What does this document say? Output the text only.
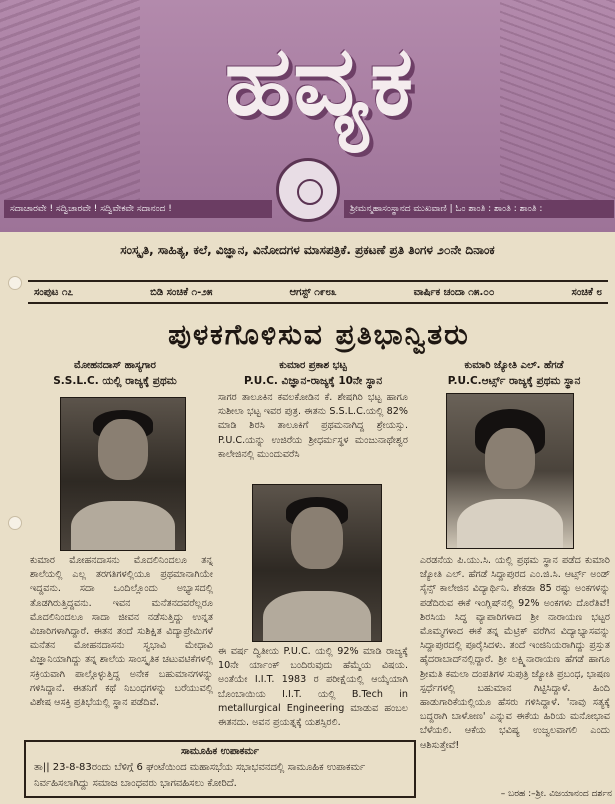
ಹವ್ಯಕ
ಸದಾಚಾರವೇ ! ಸದ್ವಿಚಾರವೇ ! ಸದ್ವಿವೇಕವೇ ಸದಾನಂದ !	ಶ್ರೀಮನ್ಮಹಾಸಂಸ್ಥಾನದ ಮುಖವಾಣಿ | ಓಂ ಶಾಂತಿ : ಶಾಂತಿ : ಶಾಂತಿ :
ಸಂಸ್ಕೃತಿ, ಸಾಹಿತ್ಯ, ಕಲೆ, ವಿಜ್ಞಾನ, ವಿನೋದಗಳ ಮಾಸಪತ್ರಿಕೆ. ಪ್ರಕಟಣೆ ಪ್ರತಿ ತಿಂಗಳ ೨೦ನೇ ದಿನಾಂಕ
ಸಂಪುಟ ೧೭	ಬಿಡಿ ಸಂಚಿಕೆ ೧-೨೫	ಆಗಸ್ಟ್ ೧೯೮೩	ವಾರ್ಷಿಕ ಚಂದಾ ೧೫.೦೦	ಸಂಚಿಕೆ ೮
ಪುಳಕಗೊಳಿಸುವ ಪ್ರತಿಭಾನ್ವಿತರು
ಮೋಹನದಾಸ್ ಹಾಸ್ಯಗಾರ
S.S.L.C. ಯಲ್ಲಿ ರಾಜ್ಯಕ್ಕೆ ಪ್ರಥಮ
ಕುಮಾರ ಮೋಹನದಾಸನು ಮೊದಲಿನಿಂದಲೂ ತನ್ನ ಶಾಲೆಯಲ್ಲಿ ಎಲ್ಲ ತರಗತಿಗಳಲ್ಲಿಯೂ ಪ್ರಥಮಾನಾಗಿಯೇ ಇದ್ದವನು. ಸದಾ ಒಂದಿಲ್ಲೊಂದು ಅಭ್ಯಾಸದಲ್ಲಿ ತೊಡಗಿರುತ್ತಿದ್ದವನು. ಇವನ ಮನೆತನದವರೆಲ್ಲರೂ ಮೊದಲಿನಿಂದಲೂ ಸಾದಾ ಜೀವನ ನಡೆಸುತ್ತಿದ್ದು ಉನ್ನತ ವಿಚಾರಿಗಳಾಗಿದ್ದಾರೆ. ಈತನ ತಂದೆ ಸುಶಿಕ್ಷಿತ ವಿದ್ಯಾಪ್ರೇಮಿಗಳೆ ಮನೆತನ ಮೋಹನದಾಸನು ಸ್ವಭಾವಿ ಮೇಧಾವಿ ವಿಜ್ಞಾನಿಯಾಗಿದ್ದು ತನ್ನ ಶಾಲೆಯ ಸಾಂಸ್ಕೃತಿಕ ಚಟುವಟಿಕೆಗಳಲ್ಲಿ ಸಕ್ರಿಯವಾಗಿ ಪಾಲ್ಗೊಳ್ಳುತ್ತಿದ್ದ ಅನೇಕ ಬಹುಮಾನಗಳನ್ನು ಗಳಿಸಿದ್ದಾನೆ. ಈತನಿಗೆ ಕಥೆ ನಿಬಂಧಗಳನ್ನು ಬರೆಯುವಲ್ಲಿ ವಿಶೇಷ ಆಸಕ್ತಿ ಪ್ರತಿಭೆಯಲ್ಲಿ ಸ್ಥಾನ ಪಡೆದಿವೆ.
ಕುಮಾರ ಪ್ರಕಾಶ ಭಟ್ಟ
P.U.C. ವಿಜ್ಞಾನ-ರಾಜ್ಯಕ್ಕೆ 10ನೇ ಸ್ಥಾನ
ಸಾಗರ ತಾಲೂಕಿನ ಕವಲಕೋಡಿನ ಕೆ. ಶೇಷಗಿರಿ ಭಟ್ಟ ಹಾಗೂ ಸುಶೀಲಾ ಭಟ್ಟ ಇವರ ಪುತ್ರ. ಈತನು S.S.L.C.ಯಲ್ಲಿ 82% ಮಾಡಿ ಶಿರಸಿ ತಾಲೂಕಿಗೆ ಪ್ರಥಮನಾಗಿದ್ದ ಶ್ರೇಯಸ್ಸು. P.U.C.ಯನ್ನು ಉಜಿರೆಯ ಶ್ರೀಧರ್ಮಸ್ಥಳ ಮಂಜುನಾಥೇಶ್ವರ ಕಾಲೇಜಿನಲ್ಲಿ ಮುಂದುವರೆಸಿ
ಈ ವರ್ಷ ದ್ವಿತೀಯ P.U.C. ಯಲ್ಲಿ 92% ಮಾಡಿ ರಾಜ್ಯಕ್ಕೆ 10ನೇ ರ್ಯಾಂಕ್ ಬಂದಿರುವುದು ಹೆಮ್ಮೆಯ ವಿಷಯ. ಅಂತೆಯೇ I.I.T. 1983 ರ ಪರೀಕ್ಷೆಯಲ್ಲಿ ಆಯ್ಕೆಯಾಗಿ ಬೊಂಬಾಯಿಯ I.I.T. ಯಲ್ಲಿ B.Tech in metallurgical Engineering ಮಾಡುವ ಹಂಬಲ ಈತನದು. ಅವನ ಪ್ರಯತ್ನಕ್ಕೆ ಯಶಸ್ಸಿರಲಿ.
ಕುಮಾರಿ ಜ್ಯೋತಿ ಎಲ್. ಹೆಗಡೆ
P.U.C.ಆರ್ಟ್ಸ್ ರಾಜ್ಯಕ್ಕೆ ಪ್ರಥಮ ಸ್ಥಾನ
ಎರಡನೆಯ ಪಿ.ಯು.ಸಿ. ಯಲ್ಲಿ ಪ್ರಥಮ ಸ್ಥಾನ ಪಡೆದ ಕುಮಾರಿ ಜ್ಯೋತಿ ಎಲ್. ಹೆಗಡೆ ಸಿದ್ದಾಪುರದ ಎಂ.ಜಿ.ಸಿ. ಆರ್ಟ್ಸ್ ಅಂಡ್ ಸೈನ್ಸ್ ಕಾಲೇಜಿನ ವಿದ್ಯಾರ್ಥಿನಿ. ಶೇಕಡಾ 85 ರಷ್ಟು ಅಂಕಗಳನ್ನು ಪಡೆದಿರುವ ಈಕೆ ಇಂಗ್ಲಿಷ್‌ನಲ್ಲಿ 92% ಅಂಕಗಳು ದೊರೆತಿವೆ! ಶಿರಸಿಯ ಸಿದ್ಧ ವ್ಯಾಪಾರಿಗಳಾದ ಶ್ರೀ ನಾರಾಯಣ ಭಟ್ಟರ ಮೊಮ್ಮಗಳಾದ ಈಕೆ ತನ್ನ ಮೆಟ್ರಿಕ್ ವರೆಗಿನ ವಿದ್ಯಾಭ್ಯಾಸವನ್ನು ಸಿದ್ದಾಪುರದಲ್ಲಿ ಪೂರೈಸಿದಳು. ತಂದೆ ಇಂಜಿನಿಯರಾಗಿದ್ದು ಪ್ರಸ್ತುತ ಹೈದರಾಬಾದ್‌ನಲ್ಲಿದ್ದಾರೆ. ಶ್ರೀ ಲಕ್ಷ್ಮಿನಾರಾಯಣ ಹೆಗಡೆ ಹಾಗೂ ಶ್ರೀಮತಿ ಕಮಲಾ ದಂಪತಿಗಳ ಸುಪುತ್ರಿ ಜ್ಯೋತಿ ಪ್ರಬಂಧ, ಭಾಷಣ ಸ್ಪರ್ಧೆಗಳಲ್ಲಿ ಬಹುಮಾನ ಗಿಟ್ಟಿಸಿದ್ದಾಳೆ. ಹಿಂದಿ ಹಾಡುಗಾರಿಕೆಯಲ್ಲಿಯೂ ಹೆಸರು ಗಳಿಸಿದ್ದಾಳೆ. 'ನಾವು ಸತ್ಯಕ್ಕೆ ಬದ್ದರಾಗಿ ಬಾಳೋಣ' ಎನ್ನುವ ಈಕೆಯ ಹಿರಿಯ ಮನೋಭಾವ ಬೆಳೆಯಲಿ. ಆಕೆಯ ಭವಿಷ್ಯ ಉಜ್ವಲವಾಗಲಿ ಎಂದು ಆಶಿಸುತ್ತೇವೆ!
ಸಾಮೂಹಿಕ ಉಪಾಕರ್ಮ
ತಾ|| 23-8-83ರಂದು ಬೆಳಿಗ್ಗೆ 6 ಘಂಟೆಯಿಂದ ಮಹಾಸಭೆಯ ಸಭಾಭವನದಲ್ಲಿ ಸಾಮೂಹಿಕ ಉಪಾಕರ್ಮ ನಿರ್ವಹಿಸಲಾಗಿದ್ದು ಸಮಾಜ ಬಾಂಧವರು ಭಾಗವಹಿಸಲು ಕೋರಿದೆ.
– ಬರಹ :–ಶ್ರೀ. ವಿಜಯಾನಂದ ದರ್ಶನ
